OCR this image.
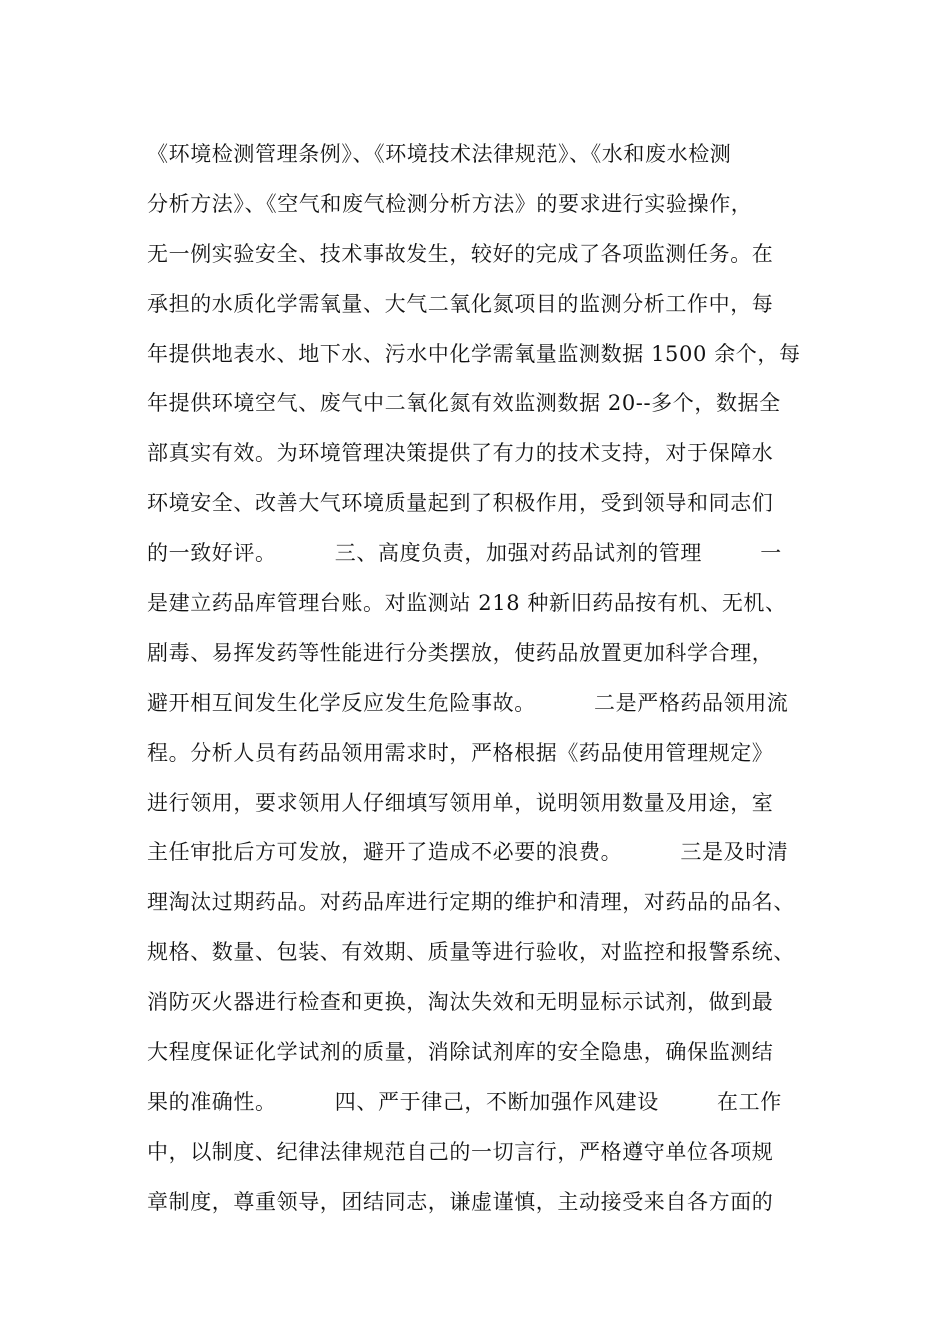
《环境检测管理条例》、《环境技术法律规范》、《水和废水检测
分析方法》、《空气和废气检测分析方法》的要求进行实验操作，
无一例实验安全、技术事故发生，较好的完成了各项监测任务。在
承担的水质化学需氧量、大气二氧化氮项目的监测分析工作中，每
年提供地表水、地下水、污水中化学需氧量监测数据 1500 余个，每
年提供环境空气、废气中二氧化氮有效监测数据 20--多个，数据全
部真实有效。为环境管理决策提供了有力的技术支持，对于保障水
环境安全、改善大气环境质量起到了积极作用，受到领导和同志们
的一致好评。        三、高度负责，加强对药品试剂的管理        一
是建立药品库管理台账。对监测站 218 种新旧药品按有机、无机、
剧毒、易挥发药等性能进行分类摆放，使药品放置更加科学合理，
避开相互间发生化学反应发生危险事故。        二是严格药品领用流
程。分析人员有药品领用需求时，严格根据《药品使用管理规定》
进行领用，要求领用人仔细填写领用单，说明领用数量及用途，室
主任审批后方可发放，避开了造成不必要的浪费。        三是及时清
理淘汰过期药品。对药品库进行定期的维护和清理，对药品的品名、
规格、数量、包装、有效期、质量等进行验收，对监控和报警系统、
消防灭火器进行检查和更换，淘汰失效和无明显标示试剂，做到最
大程度保证化学试剂的质量，消除试剂库的安全隐患，确保监测结
果的准确性。        四、严于律己，不断加强作风建设        在工作
中，以制度、纪律法律规范自己的一切言行，严格遵守单位各项规
章制度，尊重领导，团结同志，谦虚谨慎，主动接受来自各方面的
